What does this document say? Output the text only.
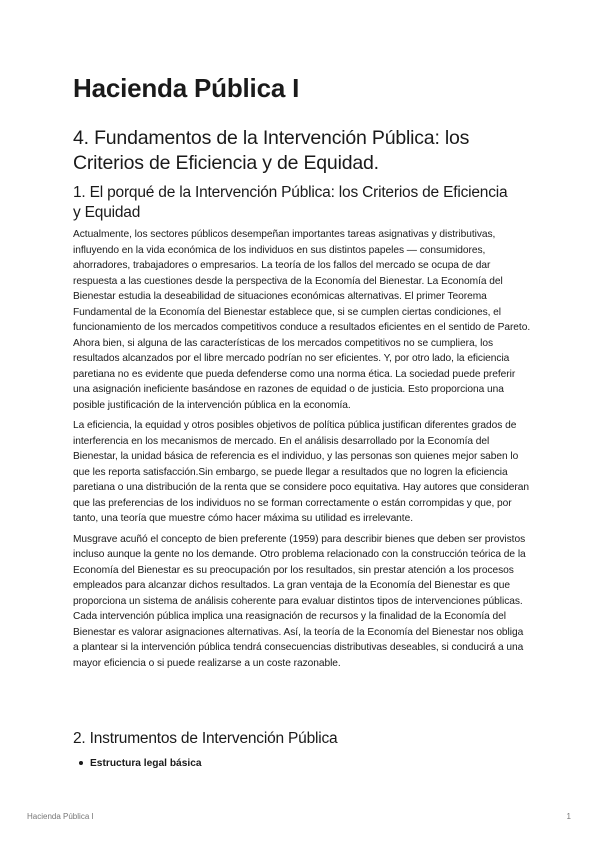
Hacienda Pública I
4. Fundamentos de la Intervención Pública: los Criterios de Eficiencia y de Equidad.
1. El porqué de la Intervención Pública: los Criterios de Eficiencia y Equidad

Actualmente, los sectores públicos desempeñan importantes tareas asignativas y distributivas, influyendo en la vida económica de los individuos en sus distintos papeles — consumidores, ahorradores, trabajadores o empresarios. La teoría de los fallos del mercado se ocupa de dar respuesta a las cuestiones desde la perspectiva de la Economía del Bienestar. La Economía del Bienestar estudia la deseabilidad de situaciones económicas alternativas. El primer Teorema Fundamental de la Economía del Bienestar establece que, si se cumplen ciertas condiciones, el funcionamiento de los mercados competitivos conduce a resultados eficientes en el sentido de Pareto. Ahora bien, si alguna de las características de los mercados competitivos no se cumpliera, los resultados alcanzados por el libre mercado podrían no ser eficientes. Y, por otro lado, la eficiencia paretiana no es evidente que pueda defenderse como una norma ética. La sociedad puede preferir una asignación ineficiente basándose en razones de equidad o de justicia. Esto proporciona una posible justificación de la intervención pública en la economía.

La eficiencia, la equidad y otros posibles objetivos de política pública justifican diferentes grados de interferencia en los mecanismos de mercado. En el análisis desarrollado por la Economía del Bienestar, la unidad básica de referencia es el individuo, y las personas son quienes mejor saben lo que les reporta satisfacción.Sin embargo, se puede llegar a resultados que no logren la eficiencia paretiana o una distribución de la renta que se considere poco equitativa. Hay autores que consideran que las preferencias de los individuos no se forman correctamente o están corrompidas y que, por tanto, una teoría que muestre cómo hacer máxima su utilidad es irrelevante.

Musgrave acuñó el concepto de bien preferente (1959) para describir bienes que deben ser provistos incluso aunque la gente no los demande. Otro problema relacionado con la construcción teórica de la Economía del Bienestar es su preocupación por los resultados, sin prestar atención a los procesos empleados para alcanzar dichos resultados. La gran ventaja de la Economía del Bienestar es que proporciona un sistema de análisis coherente para evaluar distintos tipos de intervenciones públicas. Cada intervención pública implica una reasignación de recursos y la finalidad de la Economía del Bienestar es valorar asignaciones alternativas. Así, la teoría de la Economía del Bienestar nos obliga a plantear si la intervención pública tendrá consecuencias distributivas deseables, si conducirá a una mayor eficiencia o si puede realizarse a un coste razonable.

2. Instrumentos de Intervención Pública
Estructura legal básica
Hacienda Pública I	1
